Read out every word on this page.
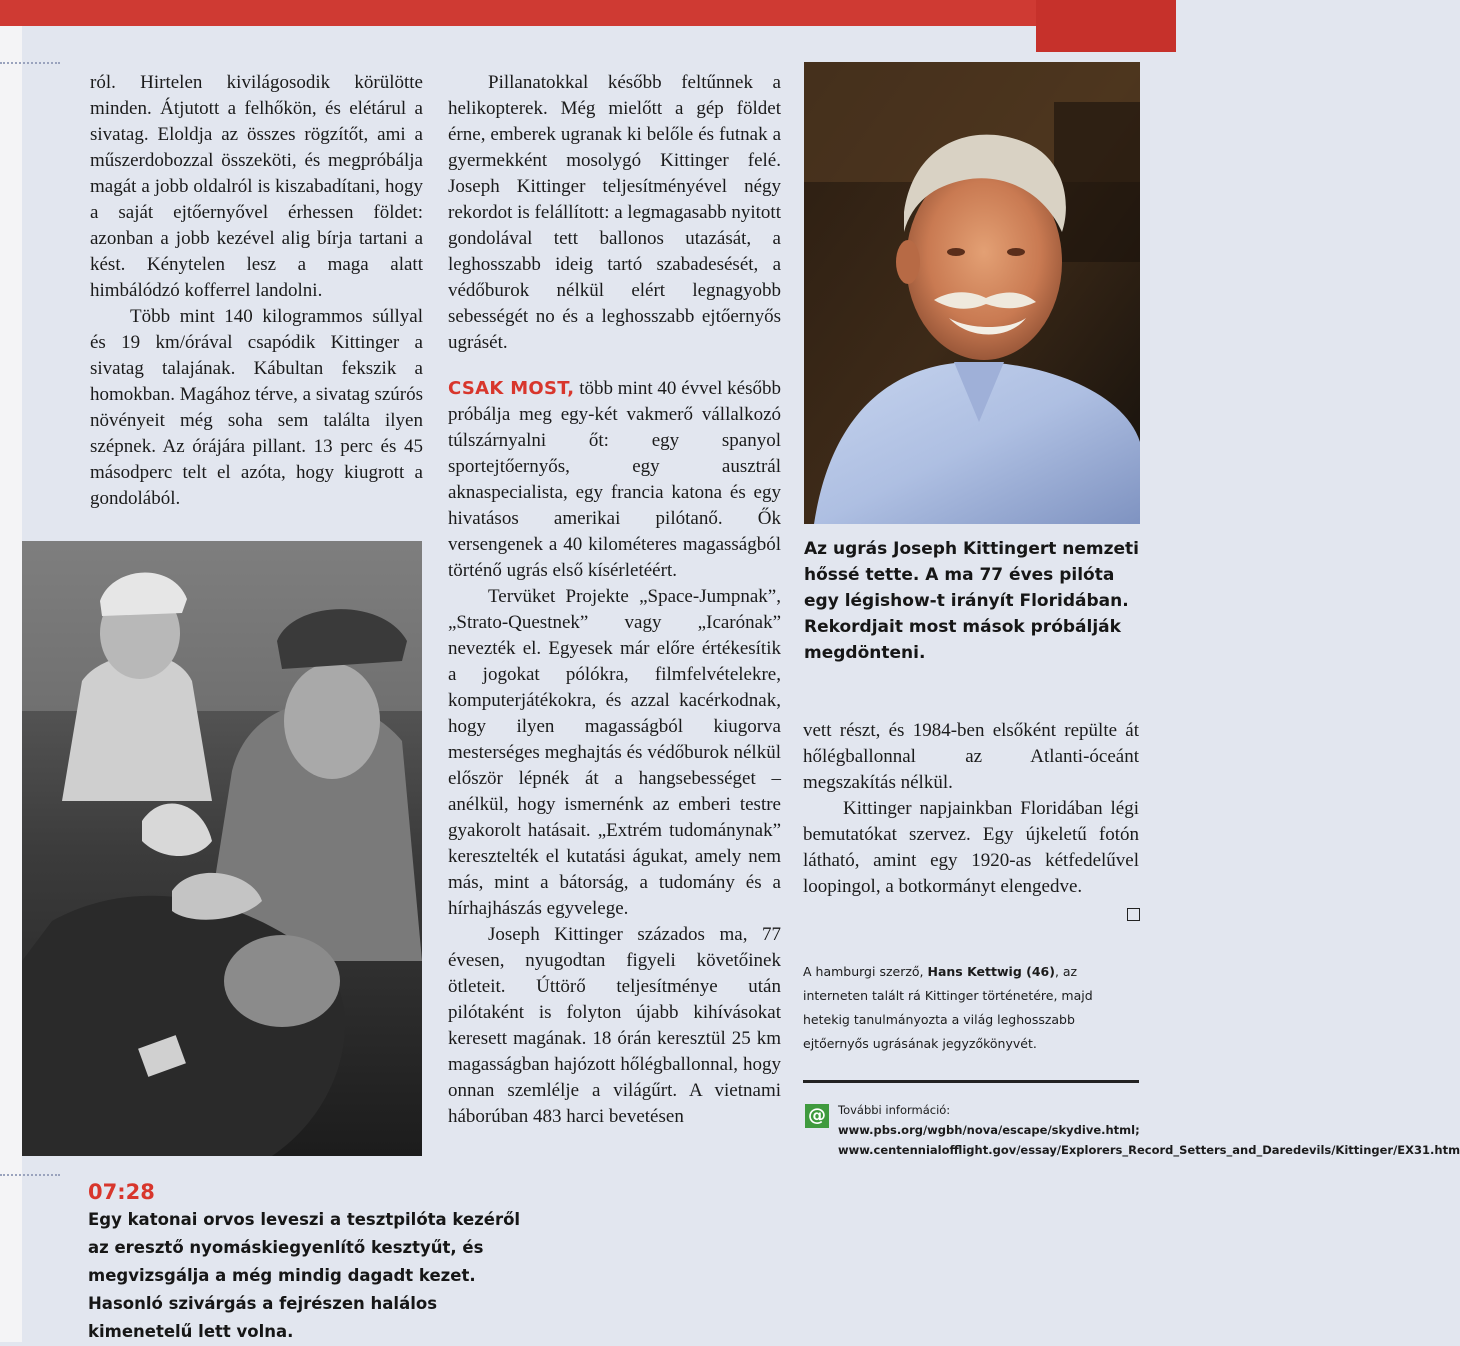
ról. Hirtelen kivilágosodik körülötte minden. Átjutott a felhőkön, és elétárul a sivatag. Eloldja az összes rögzítőt, ami a műszerdobozzal összeköti, és megpróbálja magát a jobb oldalról is kiszabadítani, hogy a saját ejtőernyővel érhessen földet: azonban a jobb kezével alig bírja tartani a kést. Kénytelen lesz a maga alatt himbálódzó kofferrel landolni.

Több mint 140 kilogrammos súllyal és 19 km/órával csapódik Kittinger a sivatag talajának. Kábultan fekszik a homokban. Magához térve, a sivatag szúrós növényeit még soha sem találta ilyen szépnek. Az órájára pillant. 13 perc és 45 másodperc telt el azóta, hogy kiugrott a gondolából.

Pillanatokkal később feltűnnek a helikopterek. Még mielőtt a gép földet érne, emberek ugranak ki belőle és futnak a gyermekként mosolygó Kittinger felé. Joseph Kittinger teljesítményével négy rekordot is felállított: a legmagasabb nyitott gondolával tett ballonos utazását, a leghosszabb ideig tartó szabadesését, a védőburok nélkül elért legnagyobb sebességét no és a leghosszabb ejtőernyős ugrásét.

CSAK MOST, több mint 40 évvel később próbálja meg egy-két vakmerő vállalkozó túlszárnyalni őt: egy spanyol sportejtőernyős, egy ausztrál aknaspecialista, egy francia katona és egy hivatásos amerikai pilótanő. Ők versengenek a 40 kilométeres magasságból történő ugrás első kísérletéért.

Tervüket Projekte „Space-Jumpnak”, „Strato-Questnek” vagy „Icarónak” nevezték el. Egyesek már előre értékesítik a jogokat pólókra, filmfelvételekre, komputerjátékokra, és azzal kacérkodnak, hogy ilyen magasságból kiugorva mesterséges meghajtás és védőburok nélkül először lépnék át a hangsebességet – anélkül, hogy ismernénk az emberi testre gyakorolt hatásait. „Extrém tudománynak” keresztelték el kutatási águkat, amely nem más, mint a bátorság, a tudomány és a hírhajhászás egyvelege.

Joseph Kittinger százados ma, 77 évesen, nyugodtan figyeli követőinek ötleteit. Úttörő teljesítménye után pilótaként is folyton újabb kihívásokat keresett magának. 18 órán keresztül 25 km magasságban hajózott hőlégballonnal, hogy onnan szemlélje a világűrt. A vietnami háborúban 483 harci bevetésen

Az ugrás Joseph Kittingert nemzeti hőssé tette. A ma 77 éves pilóta egy légishow-t irányít Floridában. Rekordjait most mások próbálják megdönteni.

vett részt, és 1984-ben elsőként repülte át hőlégballonnal az Atlanti-óceánt megszakítás nélkül.

Kittinger napjainkban Floridában légi bemutatókat szervez. Egy újkeletű fotón látható, amint egy 1920-as kétfedelűvel loopingol, a botkormányt elengedve.

A hamburgi szerző, Hans Kettwig (46), az interneten talált rá Kittinger történetére, majd hetekig tanulmányozta a világ leghosszabb ejtőernyős ugrásának jegyzőkönyvét.
@ További információ: www.pbs.org/wgbh/nova/escape/skydive.html; www.centennialofflight.gov/essay/Explorers_Record_Setters_and_Daredevils/Kittinger/EX31.htm
07:28
Egy katonai orvos leveszi a tesztpilóta kezéről az eresztő nyomáskiegyenlítő kesztyűt, és megvizsgálja a még mindig dagadt kezet. Hasonló szivárgás a fejrészen halálos kimenetelű lett volna.
